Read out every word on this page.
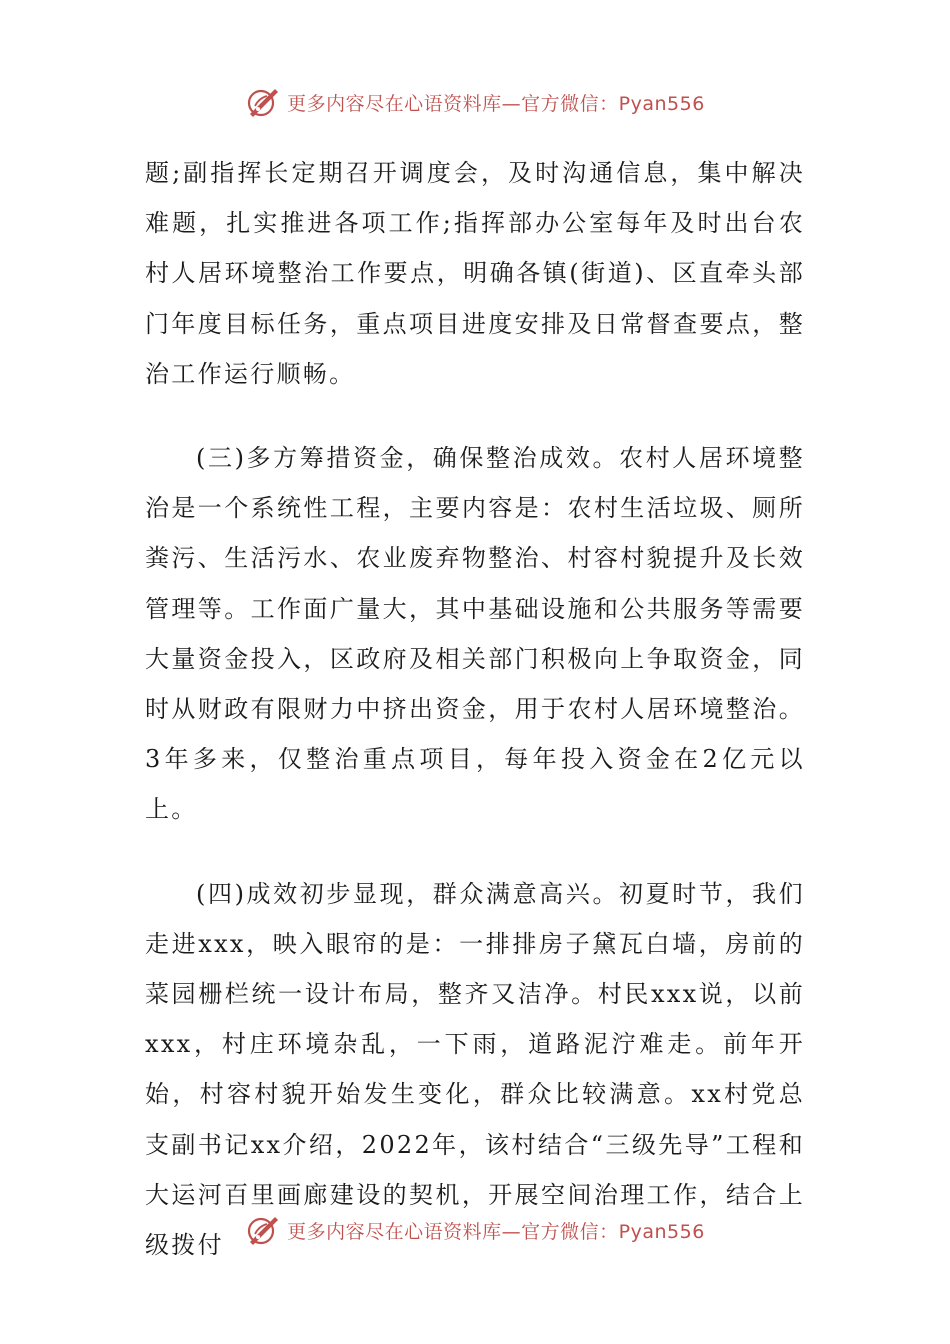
更多内容尽在心语资料库—官方微信：Pyan556

题;副指挥长定期召开调度会，及时沟通信息，集中解决难题，扎实推进各项工作;指挥部办公室每年及时出台农村人居环境整治工作要点，明确各镇(街道)、区直牵头部门年度目标任务，重点项目进度安排及日常督查要点，整治工作运行顺畅。

(三)多方筹措资金，确保整治成效。农村人居环境整治是一个系统性工程，主要内容是：农村生活垃圾、厕所粪污、生活污水、农业废弃物整治、村容村貌提升及长效管理等。工作面广量大，其中基础设施和公共服务等需要大量资金投入，区政府及相关部门积极向上争取资金，同时从财政有限财力中挤出资金，用于农村人居环境整治。3年多来，仅整治重点项目，每年投入资金在2亿元以上。

(四)成效初步显现，群众满意高兴。初夏时节，我们走进xxx，映入眼帘的是：一排排房子黛瓦白墙，房前的菜园栅栏统一设计布局，整齐又洁净。村民xxx说，以前xxx，村庄环境杂乱，一下雨，道路泥泞难走。前年开始，村容村貌开始发生变化，群众比较满意。xx村党总支副书记xx介绍，2022年，该村结合“三级先导”工程和大运河百里画廊建设的契机，开展空间治理工作，结合上级拨付	更多内容尽在心语资料库—官方微信：Pyan556
